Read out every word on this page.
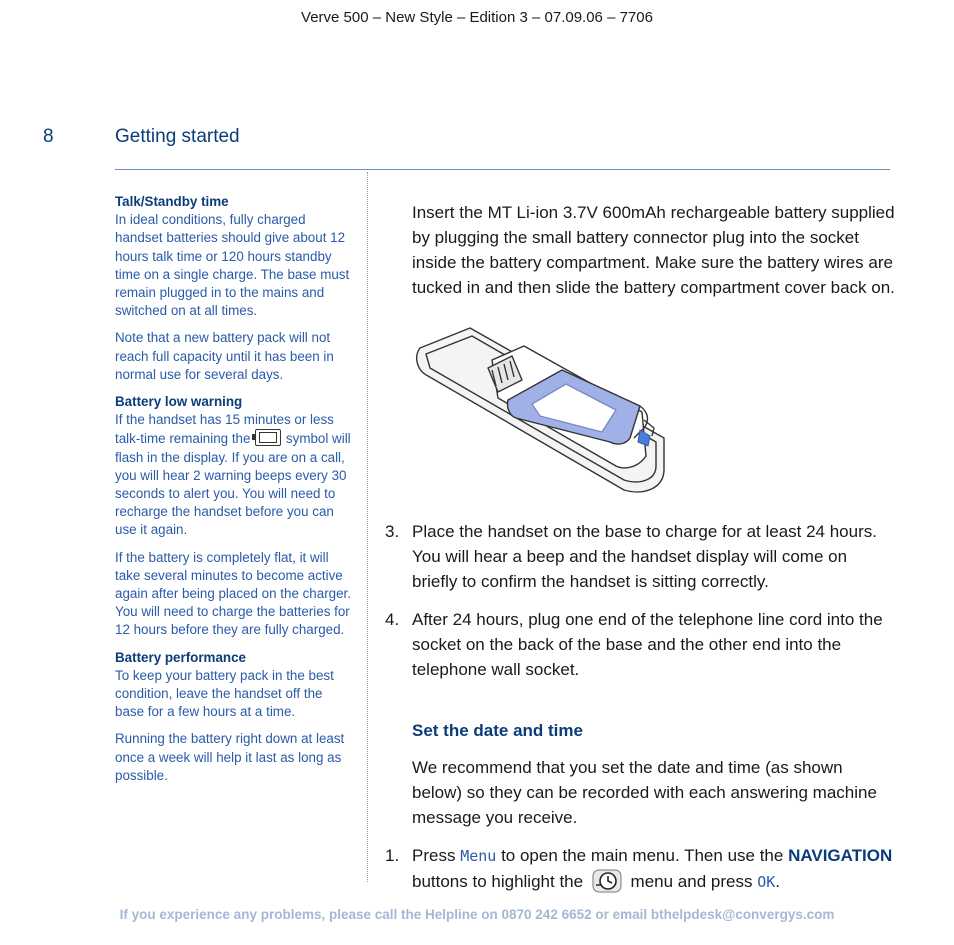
Verve 500 – New Style – Edition 3 – 07.09.06 – 7706
8	Getting started
Talk/Standby time
In ideal conditions, fully charged handset batteries should give about 12 hours talk time or 120 hours standby time on a single charge. The base must remain plugged in to the mains and switched on at all times.
Note that a new battery pack will not reach full capacity until it has been in normal use for several days.
Battery low warning
If the handset has 15 minutes or less talk-time remaining the	symbol will flash in the display. If you are on a call, you will hear 2 warning beeps every 30 seconds to alert you. You will need to recharge the handset before you can use it again.
If the battery is completely flat, it will take several minutes to become active again after being placed on the charger. You will need to charge the batteries for 12 hours before they are fully charged.
Battery performance
To keep your battery pack in the best condition, leave the handset off the base for a few hours at a time.
Running the battery right down at least once a week will help it last as long as possible.

Insert the MT Li-ion 3.7V 600mAh rechargeable battery supplied by plugging the small battery connector plug into the socket inside the battery compartment. Make sure the battery wires are tucked in and then slide the battery compartment cover back on.

3. Place the handset on the base to charge for at least 24 hours. You will hear a beep and the handset display will come on briefly to confirm the handset is sitting correctly.
4. After 24 hours, plug one end of the telephone line cord into the socket on the back of the base and the other end into the telephone wall socket.
Set the date and time

We recommend that you set the date and time (as shown below) so they can be recorded with each answering machine message you receive.

1. Press Menu to open the main menu. Then use the NAVIGATION buttons to highlight the	menu and press OK.
If you experience any problems, please call the Helpline on 0870 242 6652 or email bthelpdesk@convergys.com
